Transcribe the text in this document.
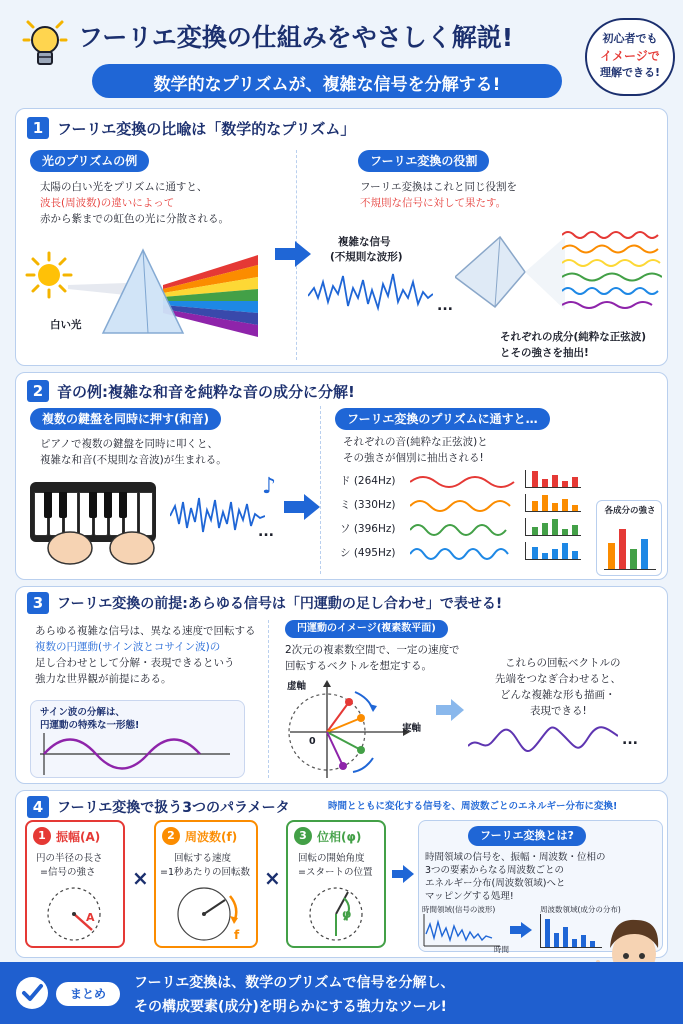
フーリエ変換の仕組みをやさしく解説!
数学的なプリズムが、複雑な信号を分解する!
初心者でも
イメージで
理解できる!
1 フーリエ変換の比喩は「数学的なプリズム」
光のプリズムの例
太陽の白い光をプリズムに通すと、
波長(周波数)の違いによって
赤から紫までの虹色の光に分散される。
白い光
フーリエ変換の役割
フーリエ変換はこれと同じ役割を
不規則な信号に対して果たす。
複雑な信号
(不規則な波形)
...
それぞれの成分(純粋な正弦波)
とその強さを抽出!
2 音の例:複雑な和音を純粋な音の成分に分解!
複数の鍵盤を同時に押す(和音)
ピアノで複数の鍵盤を同時に叩くと、
複雑な和音(不規則な音波)が生まれる。
♪
...
フーリエ変換のプリズムに通すと…
それぞれの音(純粋な正弦波)と
その強さが個別に抽出される!
ド (264Hz)
ミ (330Hz)
ソ (396Hz)
シ (495Hz)
各成分の強さ
3 フーリエ変換の前提:あらゆる信号は「円運動の足し合わせ」で表せる!
あらゆる複雑な信号は、異なる速度で回転する
複数の円運動(サイン波とコサイン波)の
足し合わせとして分解・表現できるという
強力な世界観が前提にある。
サイン波の分解は、
円運動の特殊な一形態!
円運動のイメージ(複素数平面)
2次元の複素数空間で、一定の速度で
回転するベクトルを想定する。
虚軸
実軸
0
これらの回転ベクトルの
先端をつなぎ合わせると、
どんな複雑な形も描画・
表現できる!
...
4 フーリエ変換で扱う3つのパラメータ	時間とともに変化する信号を、周波数ごとのエネルギー分布に変換!
1 振幅(A)
円の半径の長さ
=信号の強さ
A
×
2 周波数(f)
回転する速度
=1秒あたりの回転数
f
×
3 位相(φ)
回転の開始角度
=スタートの位置
φ
フーリエ変換とは?
時間領域の信号を、振幅・周波数・位相の
3つの要素からなる周波数ごとの
エネルギー分布(周波数領域)へと
マッピングする処理!
時間領域(信号の波形)
時間
周波数領域(成分の分布)
まとめ
フーリエ変換は、数学のプリズムで信号を分解し、
その構成要素(成分)を明らかにする強力なツール!
